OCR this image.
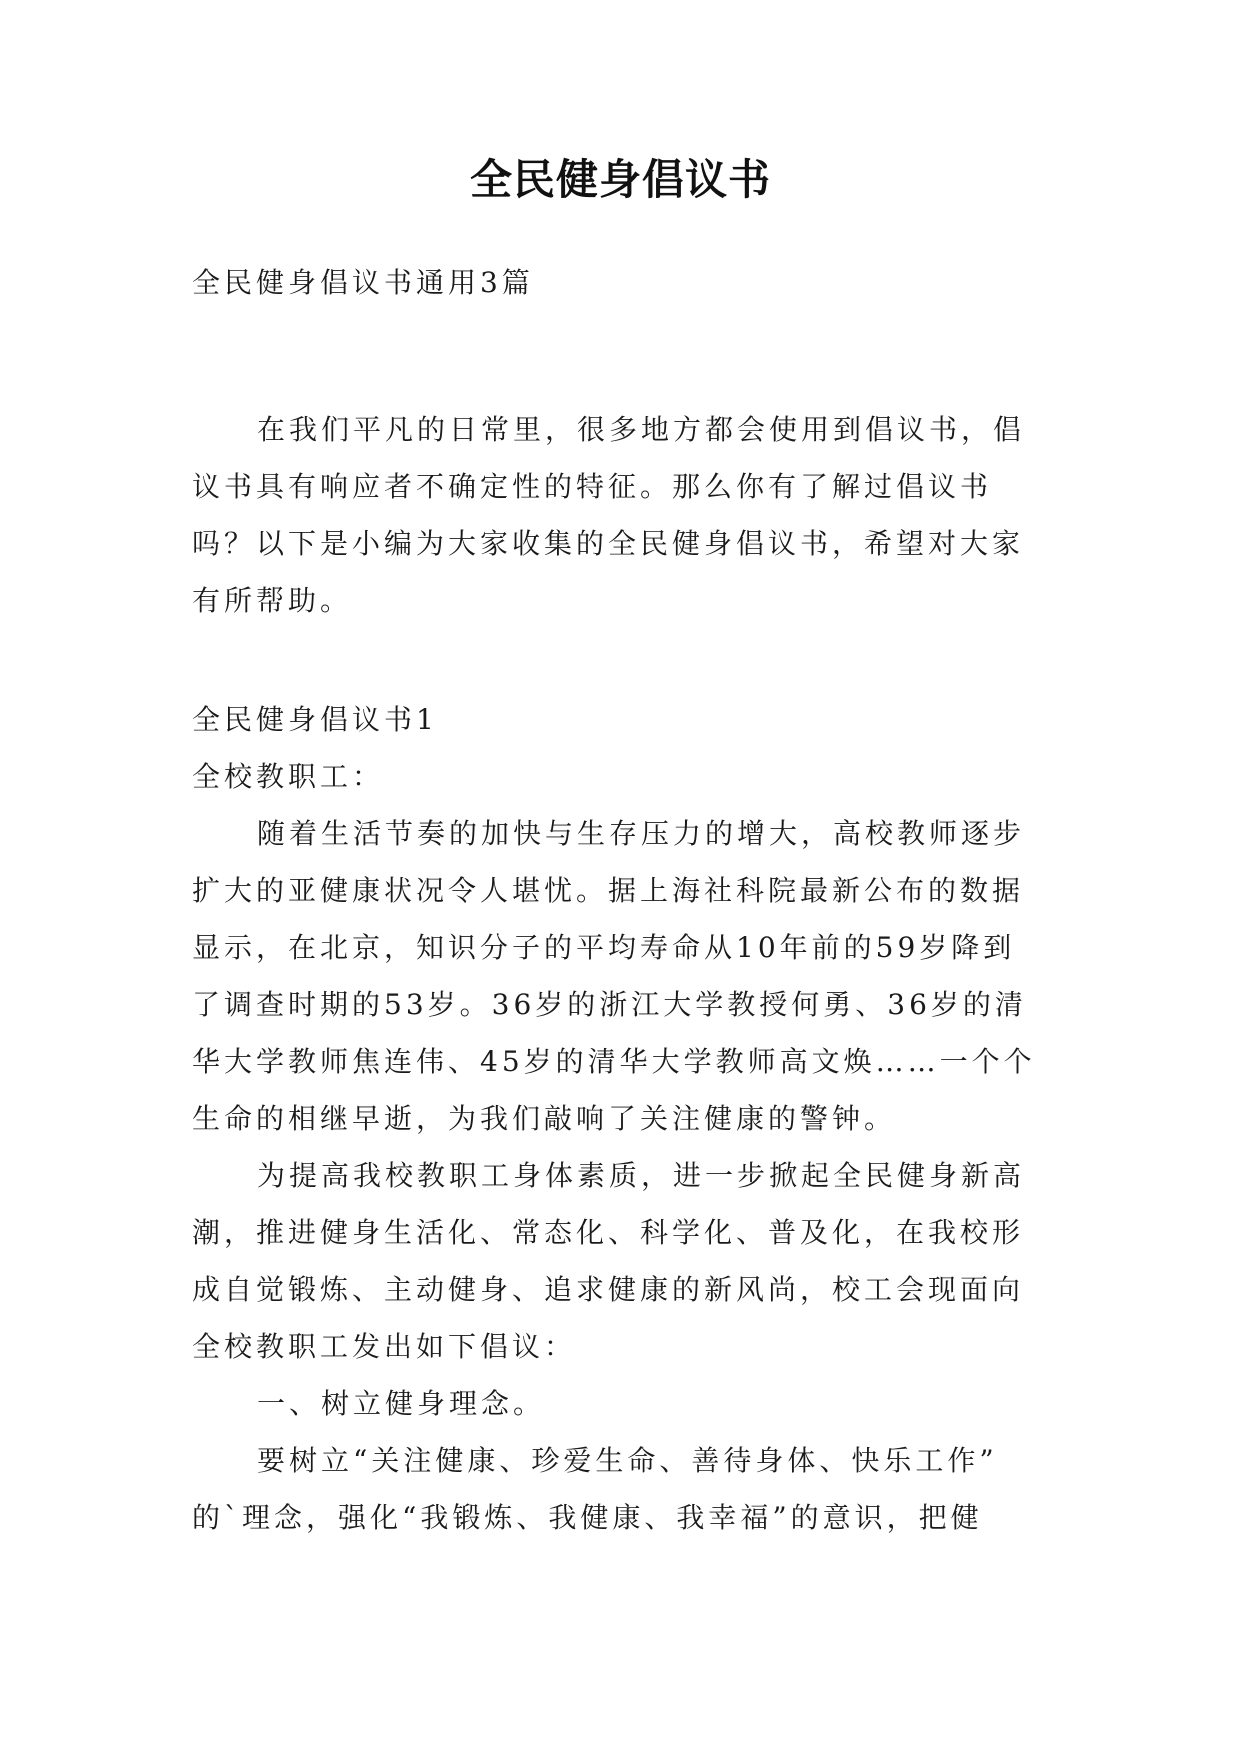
全民健身倡议书
全民健身倡议书通用3篇
在我们平凡的日常里，很多地方都会使用到倡议书，倡
议书具有响应者不确定性的特征。那么你有了解过倡议书
吗？以下是小编为大家收集的全民健身倡议书，希望对大家
有所帮助。
全民健身倡议书1
全校教职工：
随着生活节奏的加快与生存压力的增大，高校教师逐步
扩大的亚健康状况令人堪忧。据上海社科院最新公布的数据
显示，在北京，知识分子的平均寿命从10年前的59岁降到
了调查时期的53岁。36岁的浙江大学教授何勇、36岁的清
华大学教师焦连伟、45岁的清华大学教师高文焕……一个个
生命的相继早逝，为我们敲响了关注健康的警钟。
为提高我校教职工身体素质，进一步掀起全民健身新高
潮，推进健身生活化、常态化、科学化、普及化，在我校形
成自觉锻炼、主动健身、追求健康的新风尚，校工会现面向
全校教职工发出如下倡议：
一、树立健身理念。
要树立“关注健康、珍爱生命、善待身体、快乐工作”
的`理念，强化“我锻炼、我健康、我幸福”的意识，把健
